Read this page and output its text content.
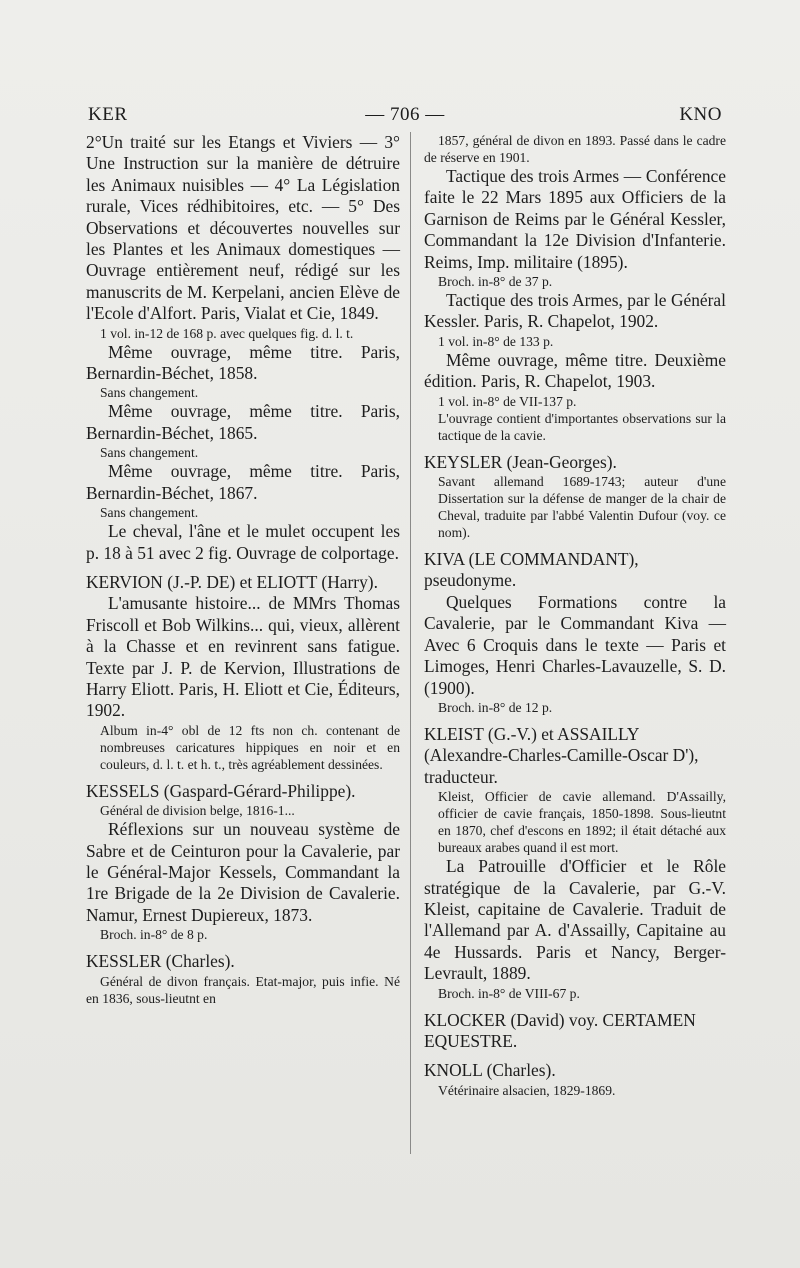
KER	— 706 —	KNO

2°Un traité sur les Etangs et Viviers — 3° Une Instruction sur la manière de détruire les Animaux nuisibles — 4° La Législation rurale, Vices rédhibitoires, etc. — 5° Des Observations et découvertes nouvelles sur les Plantes et les Animaux domestiques — Ouvrage entièrement neuf, rédigé sur les manuscrits de M. Kerpelani, ancien Elève de l'Ecole d'Alfort. Paris, Vialat et Cie, 1849.

1 vol. in-12 de 168 p. avec quelques fig. d. l. t.

Même ouvrage, même titre. Paris, Bernardin-Béchet, 1858.

Sans changement.

Même ouvrage, même titre. Paris, Bernardin-Béchet, 1865.

Sans changement.

Même ouvrage, même titre. Paris, Bernardin-Béchet, 1867.

Sans changement.

Le cheval, l'âne et le mulet occupent les p. 18 à 51 avec 2 fig. Ouvrage de colportage.

KERVION (J.-P. DE) et ELIOTT (Harry).

L'amusante histoire... de MMrs Thomas Friscoll et Bob Wilkins... qui, vieux, allèrent à la Chasse et en revinrent sans fatigue. Texte par J. P. de Kervion, Illustrations de Harry Eliott. Paris, H. Eliott et Cie, Éditeurs, 1902.

Album in-4° obl de 12 fts non ch. contenant de nombreuses caricatures hippiques en noir et en couleurs, d. l. t. et h. t., très agréablement dessinées.

KESSELS (Gaspard-Gérard-Philippe).

Général de division belge, 1816-1...

Réflexions sur un nouveau système de Sabre et de Ceinturon pour la Cavalerie, par le Général-Major Kessels, Commandant la 1re Brigade de la 2e Division de Cavalerie. Namur, Ernest Dupiereux, 1873.

Broch. in-8° de 8 p.

KESSLER (Charles).

Général de divon français. Etat-major, puis infie. Né en 1836, sous-lieutnt en

1857, général de divon en 1893. Passé dans le cadre de réserve en 1901.

Tactique des trois Armes — Conférence faite le 22 Mars 1895 aux Officiers de la Garnison de Reims par le Général Kessler, Commandant la 12e Division d'Infanterie. Reims, Imp. militaire (1895).

Broch. in-8° de 37 p.

Tactique des trois Armes, par le Général Kessler. Paris, R. Chapelot, 1902.

1 vol. in-8° de 133 p.

Même ouvrage, même titre. Deuxième édition. Paris, R. Chapelot, 1903.

1 vol. in-8° de VII-137 p.

L'ouvrage contient d'importantes observations sur la tactique de la cavie.

KEYSLER (Jean-Georges).

Savant allemand 1689-1743; auteur d'une Dissertation sur la défense de manger de la chair de Cheval, traduite par l'abbé Valentin Dufour (voy. ce nom).

KIVA (LE COMMANDANT), pseudonyme.

Quelques Formations contre la Cavalerie, par le Commandant Kiva — Avec 6 Croquis dans le texte — Paris et Limoges, Henri Charles-Lavauzelle, S. D. (1900).

Broch. in-8° de 12 p.

KLEIST (G.-V.) et ASSAILLY (Alexandre-Charles-Camille-Oscar D'), traducteur.

Kleist, Officier de cavie allemand. D'Assailly, officier de cavie français, 1850-1898. Sous-lieutnt en 1870, chef d'escons en 1892; il était détaché aux bureaux arabes quand il est mort.

La Patrouille d'Officier et le Rôle stratégique de la Cavalerie, par G.-V. Kleist, capitaine de Cavalerie. Traduit de l'Allemand par A. d'Assailly, Capitaine au 4e Hussards. Paris et Nancy, Berger-Levrault, 1889.

Broch. in-8° de VIII-67 p.

KLOCKER (David) voy. CERTAMEN EQUESTRE.

KNOLL (Charles).

Vétérinaire alsacien, 1829-1869.
